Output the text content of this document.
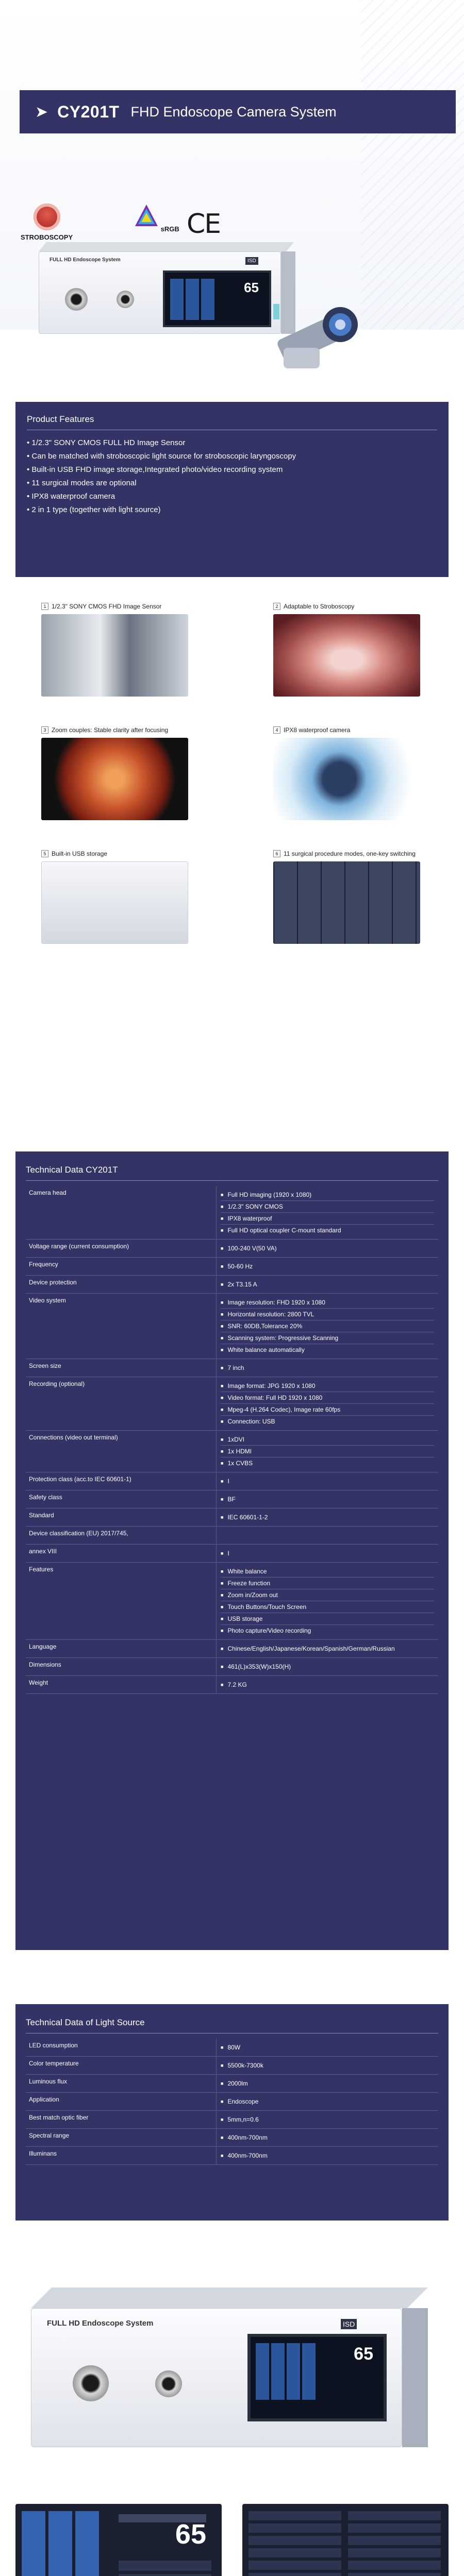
➤ CY201T FHD Endoscope Camera System
STROBOSCOPY
sRGB CE
FULL HD Endoscope System	ISD
65
Product Features
• 1/2.3" SONY CMOS FULL HD Image Sensor
• Can be matched with stroboscopic light source for stroboscopic laryngoscopy
• Built-in USB FHD image storage,Integrated photo/video recording system
• 11 surgical modes are optional
• IPX8 waterproof camera
• 2 in 1 type (together with light source)
1 1/2.3" SONY CMOS FHD Image Sensor	2 Adaptable to Stroboscopy
3 Zoom couples: Stable clarity after focusing	4 IPX8 waterproof camera
5 Built-in USB storage	6 11 surgical procedure modes, one-key switching
Technical Data CY201T
Camera head	■ Full HD imaging (1920 x 1080)
■ 1/2.3" SONY CMOS
■ IPX8 waterproof
■ Full HD optical coupler C-mount standard
Voltage range (current consumption)	■ 100-240 V(50 VA)
Frequency	■ 50-60 Hz
Device protection	■ 2x T3.15 A
Video system	■ Image resolution: FHD 1920 x 1080
■ Horizontal resolution: 2800 TVL
■ SNR: 60DB,Tolerance 20%
■ Scanning system: Progressive Scanning
■ White balance automatically
Screen size	■ 7 inch
Recording (optional)	■ Image format: JPG 1920 x 1080
■ Video format: Full HD 1920 x 1080
■ Mpeg-4 (H.264 Codec), Image rate 60fps
■ Connection: USB
Connections (video out terminal)	■ 1xDVI
■ 1x HDMI
■ 1x CVBS
Protection class (acc.to IEC 60601-1)	■ I
Safety class	■ BF
Standard	■ IEC 60601-1-2
Device classification (EU) 2017/745,

annex VIII	■ I
Features	■ White balance
■ Freeze function
■ Zoom in/Zoom out
■ Touch Buttons/Touch Screen
■ USB storage
■ Photo capture/Video recording
Language	■ Chinese/English/Japanese/Korean/Spanish/German/Russian
Dimensions	■ 461(L)x353(W)x150(H)
Weight	■ 7.2 KG
Technical Data of Light Source
LED consumption	■ 80W
Color temperature	■ 5500k-7300k
Luminous flux	■ 2000lm
Application	■ Endoscope
Best match optic fiber	■ 5mm,n=0.6
Spectral range	■ 400nm-700nm
Illuminans	■ 400nm-700nm
FULL HD Endoscope System	ISD
65
65
